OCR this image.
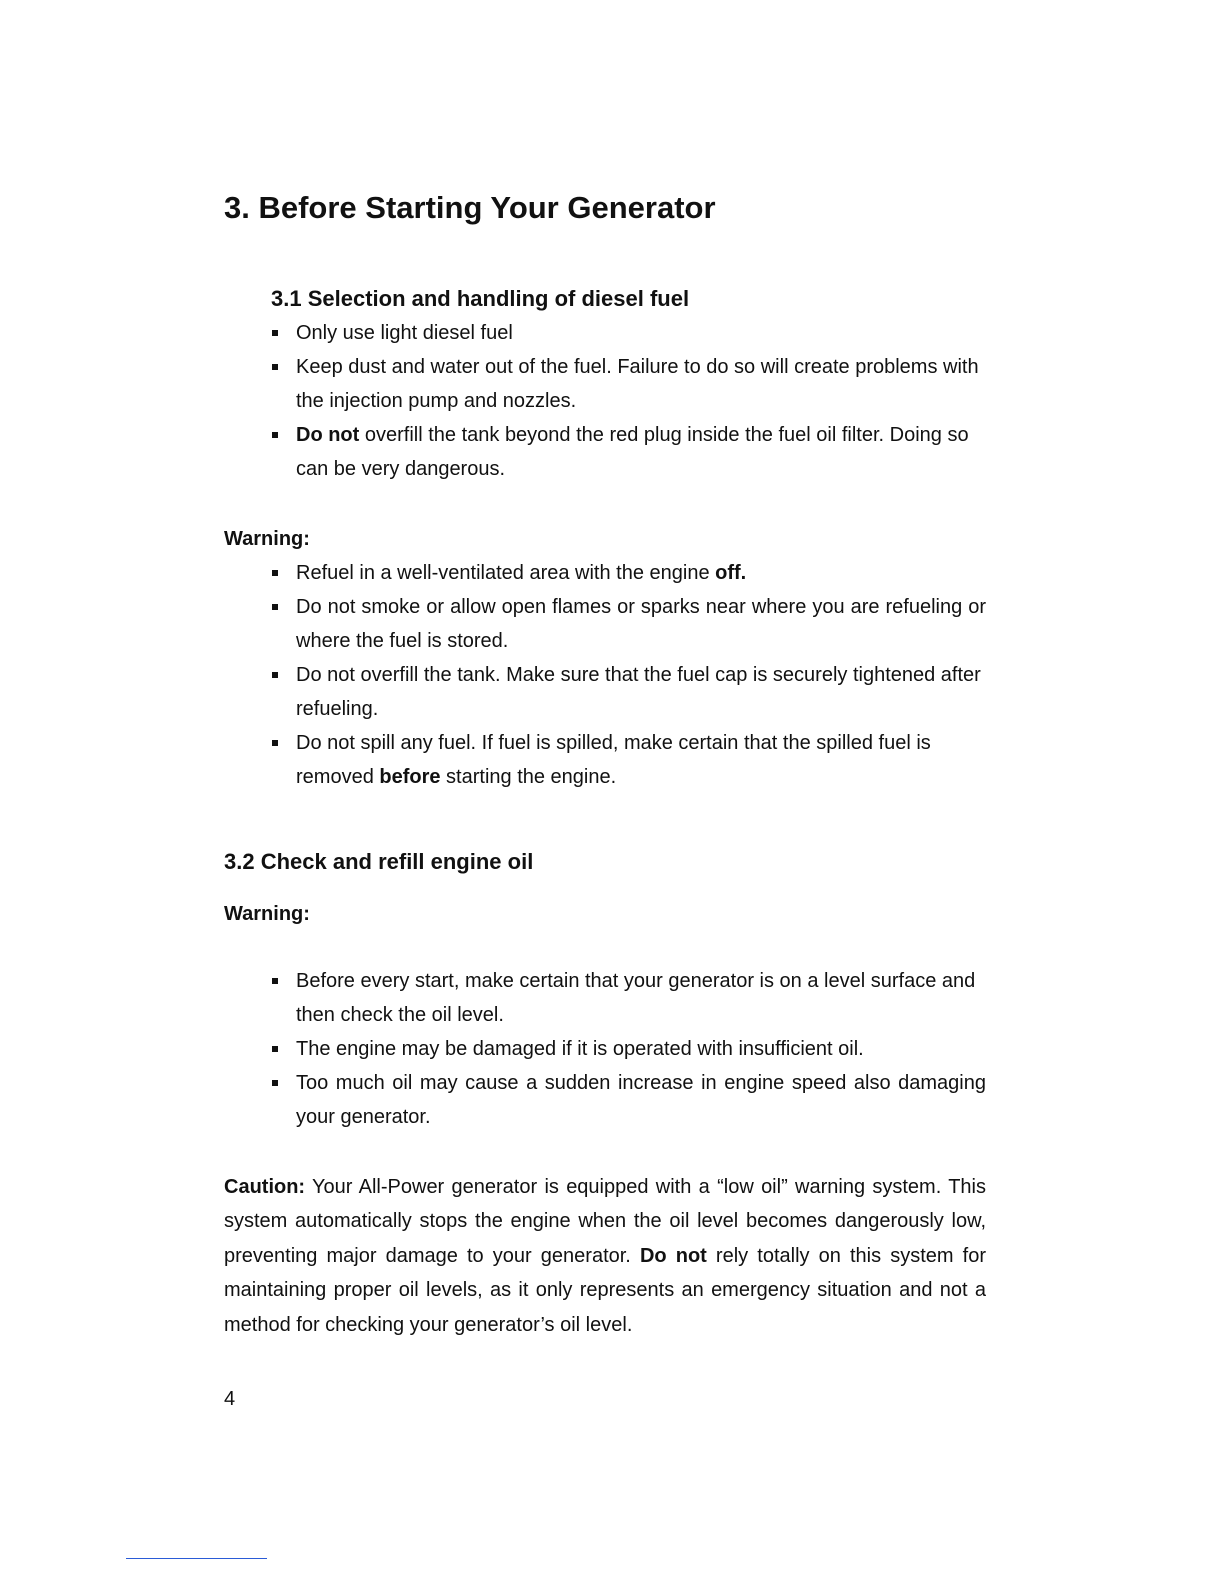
3. Before Starting Your Generator
3.1 Selection and handling of diesel fuel
Only use light diesel fuel
Keep dust and water out of the fuel. Failure to do so will create problems with the injection pump and nozzles.
Do not overfill the tank beyond the red plug inside the fuel oil filter. Doing so can be very dangerous.

Warning:

Refuel in a well-ventilated area with the engine off.
Do not smoke or allow open flames or sparks near where you are refueling or where the fuel is stored.
Do not overfill the tank. Make sure that the fuel cap is securely tightened after refueling.
Do not spill any fuel. If fuel is spilled, make certain that the spilled fuel is removed before starting the engine.
3.2 Check and refill engine oil

Warning:

Before every start, make certain that your generator is on a level surface and then check the oil level.
The engine may be damaged if it is operated with insufficient oil.
Too much oil may cause a sudden increase in engine speed also damaging your generator.

Caution: Your All-Power generator is equipped with a “low oil” warning system. This system automatically stops the engine when the oil level becomes dangerously low, preventing major damage to your generator. Do not rely totally on this system for maintaining proper oil levels, as it only represents an emergency situation and not a method for checking your generator’s oil level.

4
